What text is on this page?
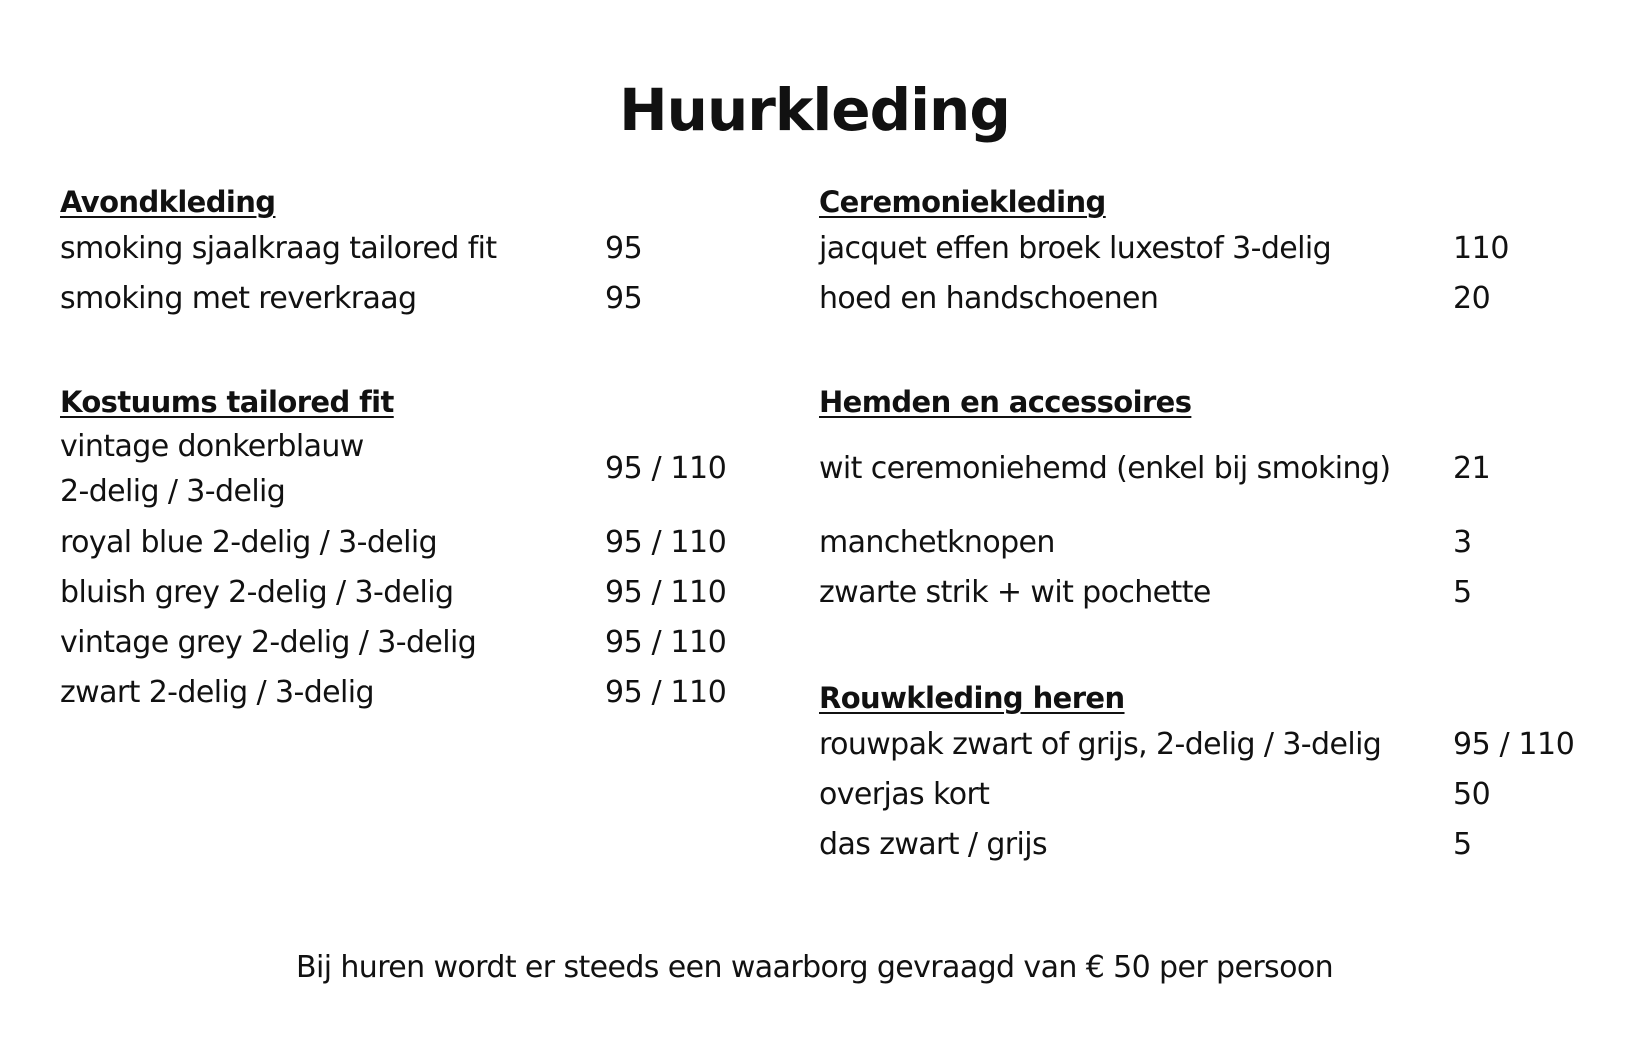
Huurkleding
Avondkleding
smoking sjaalkraag tailored fit	95
smoking met reverkraag	95
Kostuums tailored fit
vintage donkerblauw
2-delig / 3-delig
95 / 110
royal blue 2-delig / 3-delig	95 / 110
bluish grey 2-delig / 3-delig	95 / 110
vintage grey 2-delig / 3-delig	95 / 110
zwart 2-delig / 3-delig	95 / 110
Ceremoniekleding
jacquet effen broek luxestof 3-delig	110
hoed en handschoenen	20
Hemden en accessoires
wit ceremoniehemd (enkel bij smoking) 21
manchetknopen	3
zwarte strik + wit pochette	5
Rouwkleding heren
rouwpak zwart of grijs, 2-delig / 3-delig 95 / 110
overjas kort	50
das zwart / grijs	5
Bij huren wordt er steeds een waarborg gevraagd van € 50 per persoon
